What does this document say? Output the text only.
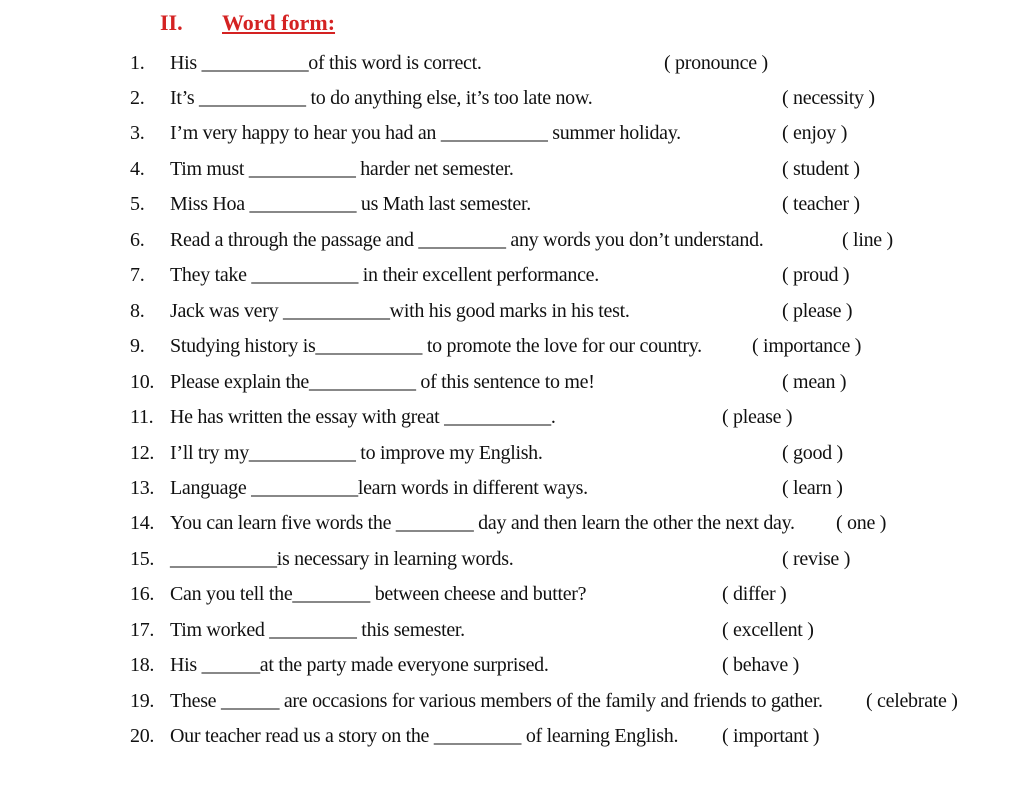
II. Word form:
1. His ___________of this word is correct.	( pronounce )
2. It’s ___________ to do anything else, it’s too late now.	( necessity )
3. I’m very happy to hear you had an ___________ summer holiday.	( enjoy )
4. Tim must ___________ harder net semester.	( student )
5. Miss Hoa ___________ us Math last semester.	( teacher )
6. Read a through the passage and _________ any words you don’t understand.	( line )
7. They take ___________ in their excellent performance.	( proud )
8. Jack was very ___________with his good marks in his test.	( please )
9. Studying history is___________ to promote the love for our country.	( importance )
10. Please explain the___________ of this sentence to me!	( mean )
11. He has written the essay with great ___________.	( please )
12. I’ll try my___________ to improve my English.	( good )
13. Language ___________learn words in different ways.	( learn )
14. You can learn five words the ________ day and then learn the other the next day. ( one )
15. ___________is necessary in learning words.	( revise )
16. Can you tell the________ between cheese and butter?	( differ )
17. Tim worked _________ this semester.	( excellent )
18. His ______at the party made everyone surprised.	( behave )
19. These ______ are occasions for various members of the family and friends to gather. ( celebrate )
20. Our teacher read us a story on the _________ of learning English. ( important )
